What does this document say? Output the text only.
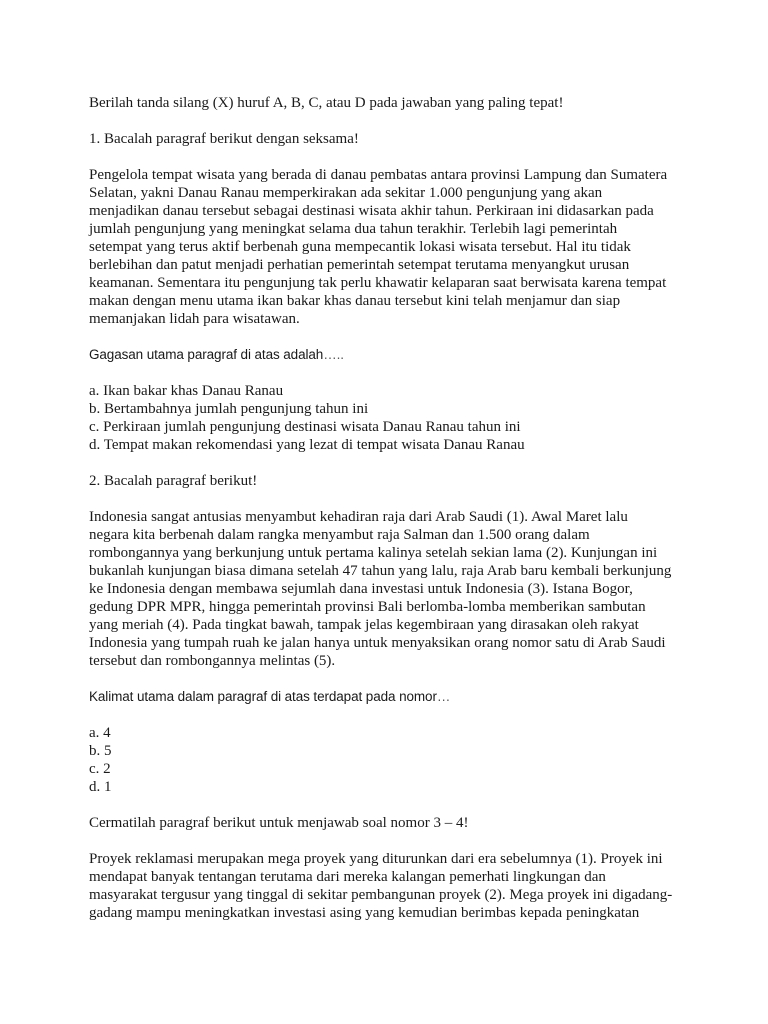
Berilah tanda silang (X) huruf A, B, C, atau D pada jawaban yang paling tepat!

1. Bacalah paragraf berikut dengan seksama!

Pengelola tempat wisata yang berada di danau pembatas antara provinsi Lampung dan Sumatera
Selatan, yakni Danau Ranau memperkirakan ada sekitar 1.000 pengunjung yang akan
menjadikan danau tersebut sebagai destinasi wisata akhir tahun. Perkiraan ini didasarkan pada
jumlah pengunjung yang meningkat selama dua tahun terakhir. Terlebih lagi pemerintah
setempat yang terus aktif berbenah guna mempecantik lokasi wisata tersebut. Hal itu tidak
berlebihan dan patut menjadi perhatian pemerintah setempat terutama menyangkut urusan
keamanan. Sementara itu pengunjung tak perlu khawatir kelaparan saat berwisata karena tempat
makan dengan menu utama ikan bakar khas danau tersebut kini telah menjamur dan siap
memanjakan lidah para wisatawan.

Gagasan utama paragraf di atas adalah…..

a. Ikan bakar khas Danau Ranau
b. Bertambahnya jumlah pengunjung tahun ini
c. Perkiraan jumlah pengunjung destinasi wisata Danau Ranau tahun ini
d. Tempat makan rekomendasi yang lezat di tempat wisata Danau Ranau

2. Bacalah paragraf berikut!

Indonesia sangat antusias menyambut kehadiran raja dari Arab Saudi (1). Awal Maret lalu
negara kita berbenah dalam rangka menyambut raja Salman dan 1.500 orang dalam
rombongannya yang berkunjung untuk pertama kalinya setelah sekian lama (2). Kunjungan ini
bukanlah kunjungan biasa dimana setelah 47 tahun yang lalu, raja Arab baru kembali berkunjung
ke Indonesia dengan membawa sejumlah dana investasi untuk Indonesia (3). Istana Bogor,
gedung DPR MPR, hingga pemerintah provinsi Bali berlomba-lomba memberikan sambutan
yang meriah (4). Pada tingkat bawah, tampak jelas kegembiraan yang dirasakan oleh rakyat
Indonesia yang tumpah ruah ke jalan hanya untuk menyaksikan orang nomor satu di Arab Saudi
tersebut dan rombongannya melintas (5).

Kalimat utama dalam paragraf di atas terdapat pada nomor…

a. 4
b. 5
c. 2
d. 1

Cermatilah paragraf berikut untuk menjawab soal nomor 3 – 4!

Proyek reklamasi merupakan mega proyek yang diturunkan dari era sebelumnya (1). Proyek ini
mendapat banyak tentangan terutama dari mereka kalangan pemerhati lingkungan dan
masyarakat tergusur yang tinggal di sekitar pembangunan proyek (2). Mega proyek ini digadang-
gadang mampu meningkatkan investasi asing yang kemudian berimbas kepada peningkatan
